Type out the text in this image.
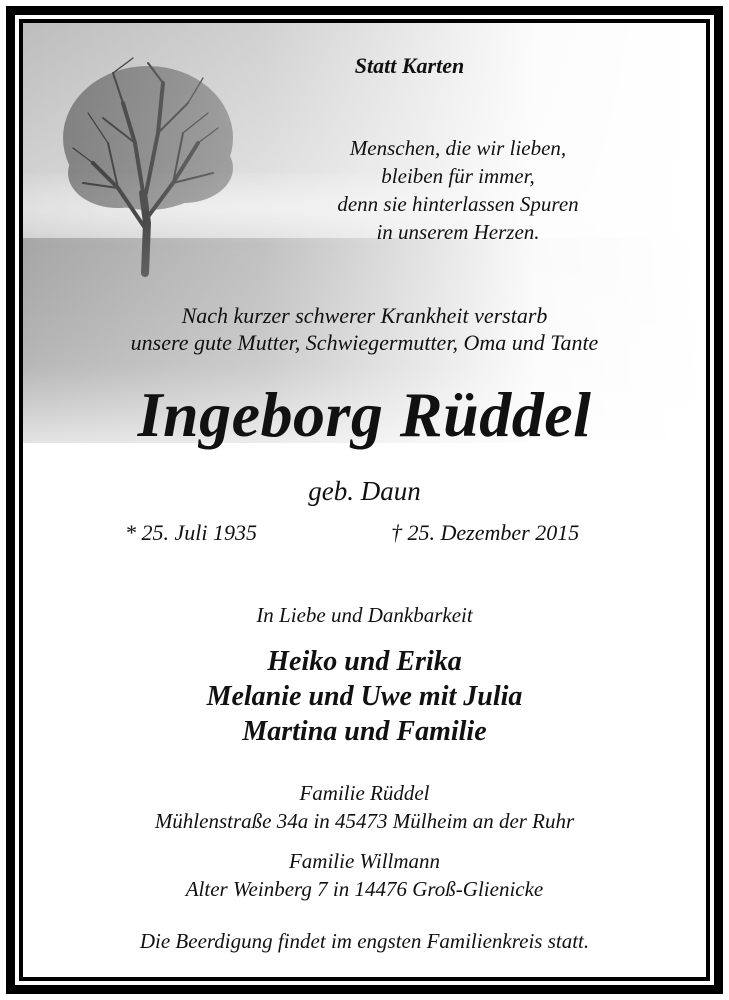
Statt Karten
Menschen, die wir lieben,
bleiben für immer,
denn sie hinterlassen Spuren
in unserem Herzen.
Nach kurzer schwerer Krankheit verstarb
unsere gute Mutter, Schwiegermutter, Oma und Tante
Ingeborg Rüddel
geb. Daun
* 25. Juli 1935	† 25. Dezember 2015
In Liebe und Dankbarkeit
Heiko und Erika
Melanie und Uwe mit Julia
Martina und Familie
Familie Rüddel
Mühlenstraße 34a in 45473 Mülheim an der Ruhr
Familie Willmann
Alter Weinberg 7 in 14476 Groß-Glienicke
Die Beerdigung findet im engsten Familienkreis statt.
